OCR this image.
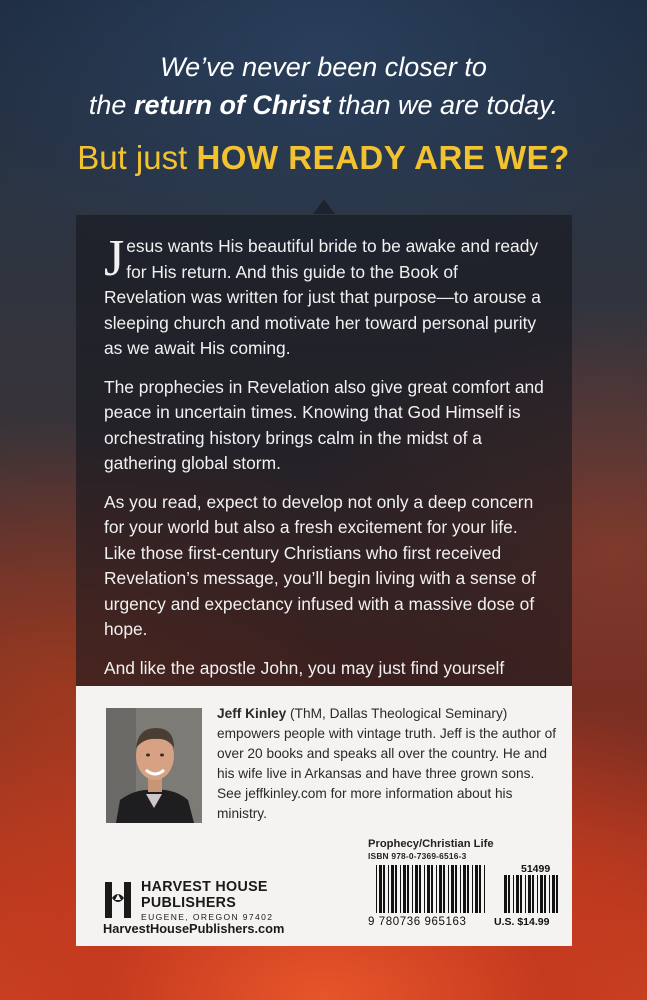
We’ve never been closer to
the return of Christ than we are today.
But just HOW READY ARE WE?

Jesus wants His beautiful bride to be awake and ready for His return. And this guide to the Book of Revelation was written for just that purpose—to arouse a sleeping church and motivate her toward personal purity as we await His coming.

The prophecies in Revelation also give great comfort and peace in uncertain times. Knowing that God Himself is orchestrating history brings calm in the midst of a gathering global storm.

As you read, expect to develop not only a deep concern for your world but also a fresh excitement for your life. Like those first-century Christians who first received Revelation’s message, you’ll begin living with a sense of urgency and expectancy infused with a massive dose of hope.

And like the apostle John, you may just find yourself

Jeff Kinley (ThM, Dallas Theological Seminary) empowers people with vintage truth. Jeff is the author of over 20 books and speaks all over the country. He and his wife live in Arkansas and have three grown sons. See jeffkinley.com for more information about his ministry.
Prophecy/Christian Life
ISBN 978-0-7369-6516-3
51499
9 780736 965163	U.S. $14.99
HARVEST HOUSE
PUBLISHERS
EUGENE, OREGON 97402
HarvestHousePublishers.com
